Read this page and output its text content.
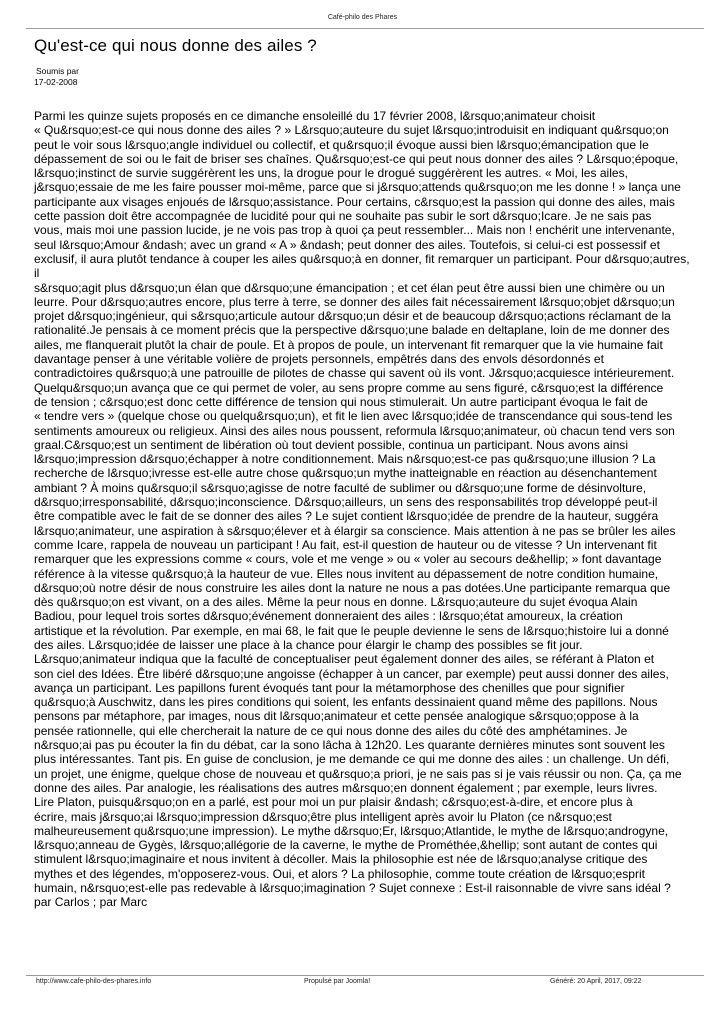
Café-philo des Phares
Qu'est-ce qui nous donne des ailes ?
Soumis par
17-02-2008

Parmi les quinze sujets proposés en ce dimanche ensoleillé du 17 février 2008, l&rsquo;animateur choisit
« Qu&rsquo;est-ce qui nous donne des ailes ? » L&rsquo;auteure du sujet l&rsquo;introduisit en indiquant qu&rsquo;on
peut le voir sous l&rsquo;angle individuel ou collectif, et qu&rsquo;il évoque aussi bien l&rsquo;émancipation que le
dépassement de soi ou le fait de briser ses chaînes. Qu&rsquo;est-ce qui peut nous donner des ailes ? L&rsquo;époque,
l&rsquo;instinct de survie suggérèrent les uns, la drogue pour le drogué suggérèrent les autres. « Moi, les ailes,
j&rsquo;essaie de me les faire pousser moi-même, parce que si j&rsquo;attends qu&rsquo;on me les donne ! » lança une
participante aux visages enjoués de l&rsquo;assistance. Pour certains, c&rsquo;est la passion qui donne des ailes, mais
cette passion doit être accompagnée de lucidité pour qui ne souhaite pas subir le sort d&rsquo;Icare. Je ne sais pas
vous, mais moi une passion lucide, je ne vois pas trop à quoi ça peut ressembler... Mais non ! enchérit une intervenante,
seul l&rsquo;Amour &ndash; avec un grand « A » &ndash; peut donner des ailes. Toutefois, si celui-ci est possessif et
exclusif, il aura plutôt tendance à couper les ailes qu&rsquo;à en donner, fit remarquer un participant. Pour d&rsquo;autres, il
s&rsquo;agit plus d&rsquo;un élan que d&rsquo;une émancipation ; et cet élan peut être aussi bien une chimère ou un
leurre. Pour d&rsquo;autres encore, plus terre à terre, se donner des ailes fait nécessairement l&rsquo;objet d&rsquo;un
projet d&rsquo;ingénieur, qui s&rsquo;articule autour d&rsquo;un désir et de beaucoup d&rsquo;actions réclamant de la
rationalité.Je pensais à ce moment précis que la perspective d&rsquo;une balade en deltaplane, loin de me donner des
ailes, me flanquerait plutôt la chair de poule. Et à propos de poule, un intervenant fit remarquer que la vie humaine fait
davantage penser à une véritable volière de projets personnels, empêtrés dans des envols désordonnés et
contradictoires qu&rsquo;à une patrouille de pilotes de chasse qui savent où ils vont. J&rsquo;acquiesce intérieurement.
Quelqu&rsquo;un avança que ce qui permet de voler, au sens propre comme au sens figuré, c&rsquo;est la différence
de tension ; c&rsquo;est donc cette différence de tension qui nous stimulerait. Un autre participant évoqua le fait de
« tendre vers » (quelque chose ou quelqu&rsquo;un), et fit le lien avec l&rsquo;idée de transcendance qui sous-tend les
sentiments amoureux ou religieux. Ainsi des ailes nous poussent, reformula l&rsquo;animateur, où chacun tend vers son
graal.C&rsquo;est un sentiment de libération où tout devient possible, continua un participant. Nous avons ainsi
l&rsquo;impression d&rsquo;échapper à notre conditionnement. Mais n&rsquo;est-ce pas qu&rsquo;une illusion ? La
recherche de l&rsquo;ivresse est-elle autre chose qu&rsquo;un mythe inatteignable en réaction au désenchantement
ambiant ? À moins qu&rsquo;il s&rsquo;agisse de notre faculté de sublimer ou d&rsquo;une forme de désinvolture,
d&rsquo;irresponsabilité, d&rsquo;inconscience. D&rsquo;ailleurs, un sens des responsabilités trop développé peut-il
être compatible avec le fait de se donner des ailes ? Le sujet contient l&rsquo;idée de prendre de la hauteur, suggéra
l&rsquo;animateur, une aspiration à s&rsquo;élever et à élargir sa conscience. Mais attention à ne pas se brûler les ailes
comme Icare, rappela de nouveau un participant ! Au fait, est-il question de hauteur ou de vitesse ? Un intervenant fit
remarquer que les expressions comme « cours, vole et me venge » ou « voler au secours de&hellip; » font davantage
référence à la vitesse qu&rsquo;à la hauteur de vue. Elles nous invitent au dépassement de notre condition humaine,
d&rsquo;où notre désir de nous construire les ailes dont la nature ne nous a pas dotées.Une participante remarqua que
dès qu&rsquo;on est vivant, on a des ailes. Même la peur nous en donne. L&rsquo;auteure du sujet évoqua Alain
Badiou, pour lequel trois sortes d&rsquo;événement donneraient des ailes : l&rsquo;état amoureux, la création
artistique et la révolution. Par exemple, en mai 68, le fait que le peuple devienne le sens de l&rsquo;histoire lui a donné
des ailes. L&rsquo;idée de laisser une place à la chance pour élargir le champ des possibles se fit jour.
L&rsquo;animateur indiqua que la faculté de conceptualiser peut également donner des ailes, se référant à Platon et
son ciel des Idées. Être libéré d&rsquo;une angoisse (échapper à un cancer, par exemple) peut aussi donner des ailes,
avança un participant. Les papillons furent évoqués tant pour la métamorphose des chenilles que pour signifier
qu&rsquo;à Auschwitz, dans les pires conditions qui soient, les enfants dessinaient quand même des papillons. Nous
pensons par métaphore, par images, nous dit l&rsquo;animateur et cette pensée analogique s&rsquo;oppose à la
pensée rationnelle, qui elle chercherait la nature de ce qui nous donne des ailes du côté des amphétamines. Je
n&rsquo;ai pas pu écouter la fin du débat, car la sono lâcha à 12h20. Les quarante dernières minutes sont souvent les
plus intéressantes. Tant pis. En guise de conclusion, je me demande ce qui me donne des ailes : un challenge. Un défi,
un projet, une énigme, quelque chose de nouveau et qu&rsquo;a priori, je ne sais pas si je vais réussir ou non. Ça, ça me
donne des ailes. Par analogie, les réalisations des autres m&rsquo;en donnent également ; par exemple, leurs livres.
Lire Platon, puisqu&rsquo;on en a parlé, est pour moi un pur plaisir &ndash; c&rsquo;est-à-dire, et encore plus à
écrire, mais j&rsquo;ai l&rsquo;impression d&rsquo;être plus intelligent après avoir lu Platon (ce n&rsquo;est
malheureusement qu&rsquo;une impression). Le mythe d&rsquo;Er, l&rsquo;Atlantide, le mythe de l&rsquo;androgyne,
l&rsquo;anneau de Gygès, l&rsquo;allégorie de la caverne, le mythe de Prométhée,&hellip; sont autant de contes qui
stimulent l&rsquo;imaginaire et nous invitent à décoller. Mais la philosophie est née de l&rsquo;analyse critique des
mythes et des légendes, m'opposerez-vous. Oui, et alors ? La philosophie, comme toute création de l&rsquo;esprit
humain, n&rsquo;est-elle pas redevable à l&rsquo;imagination ? Sujet connexe : Est-il raisonnable de vivre sans idéal ?
par Carlos ; par Marc

http://www.cafe-philo-des-phares.info	Propulsé par Joomla!	Généré: 20 April, 2017, 09:22
